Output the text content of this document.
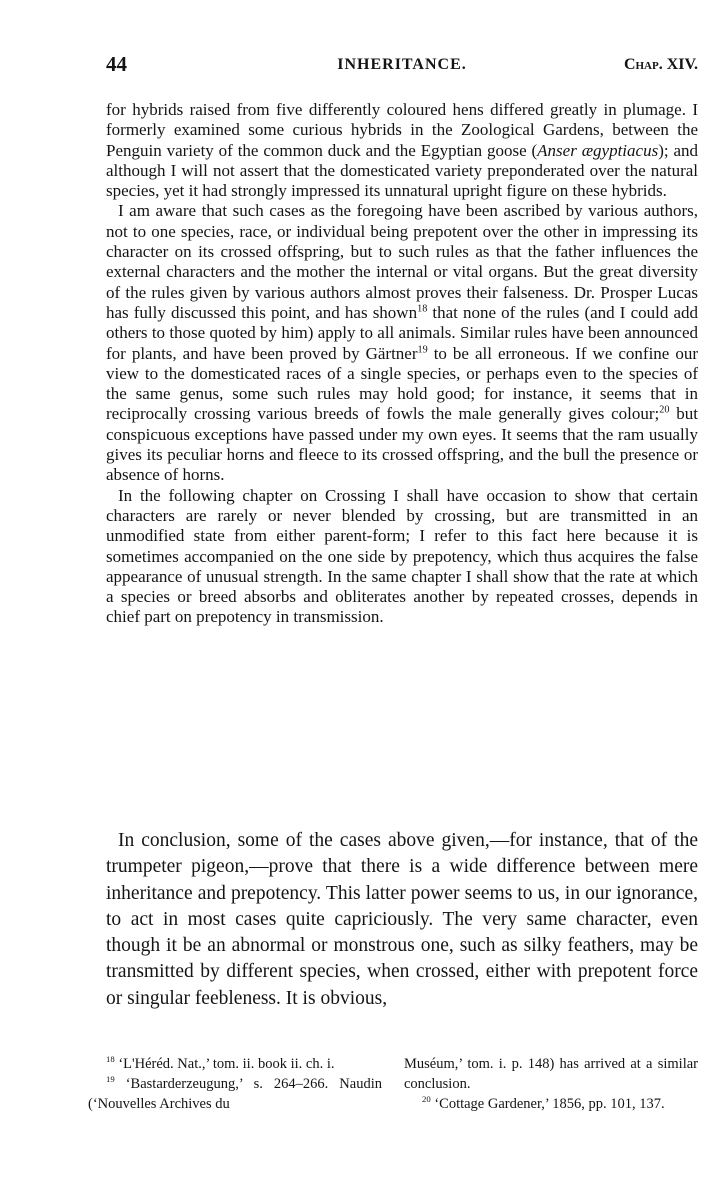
44	INHERITANCE.	Chap. XIV.

for hybrids raised from five differently coloured hens differed greatly in plumage. I formerly examined some curious hybrids in the Zoological Gardens, between the Penguin variety of the common duck and the Egyptian goose (Anser ægyptiacus); and although I will not assert that the domesticated variety preponderated over the natural species, yet it had strongly impressed its unnatural upright figure on these hybrids.

I am aware that such cases as the foregoing have been ascribed by various authors, not to one species, race, or individual being prepotent over the other in impressing its character on its crossed offspring, but to such rules as that the father influences the external characters and the mother the internal or vital organs. But the great diversity of the rules given by various authors almost proves their falseness. Dr. Prosper Lucas has fully discussed this point, and has shown$^{18}$ that none of the rules (and I could add others to those quoted by him) apply to all animals. Similar rules have been announced for plants, and have been proved by Gärtner$^{19}$ to be all erroneous. If we confine our view to the domesticated races of a single species, or perhaps even to the species of the same genus, some such rules may hold good; for instance, it seems that in reciprocally crossing various breeds of fowls the male generally gives colour;$^{20}$ but conspicuous exceptions have passed under my own eyes. It seems that the ram usually gives its peculiar horns and fleece to its crossed offspring, and the bull the presence or absence of horns.

In the following chapter on Crossing I shall have occasion to show that certain characters are rarely or never blended by crossing, but are transmitted in an unmodified state from either parent-form; I refer to this fact here because it is sometimes accompanied on the one side by prepotency, which thus acquires the false appearance of unusual strength. In the same chapter I shall show that the rate at which a species or breed absorbs and obliterates another by repeated crosses, depends in chief part on prepotency in transmission.

In conclusion, some of the cases above given,—for instance, that of the trumpeter pigeon,—prove that there is a wide difference between mere inheritance and prepotency. This latter power seems to us, in our ignorance, to act in most cases quite capriciously. The very same character, even though it be an abnormal or monstrous one, such as silky feathers, may be transmitted by different species, when crossed, either with prepotent force or singular feebleness. It is obvious,

$^{18}$ ‘L'Héréd. Nat.,’ tom. ii. book ii. ch. i.

$^{19}$ ‘Bastarderzeugung,’ s. 264–266. Naudin (‘Nouvelles Archives du

Muséum,’ tom. i. p. 148) has arrived at a similar conclusion.

$^{20}$ ‘Cottage Gardener,’ 1856, pp. 101, 137.
